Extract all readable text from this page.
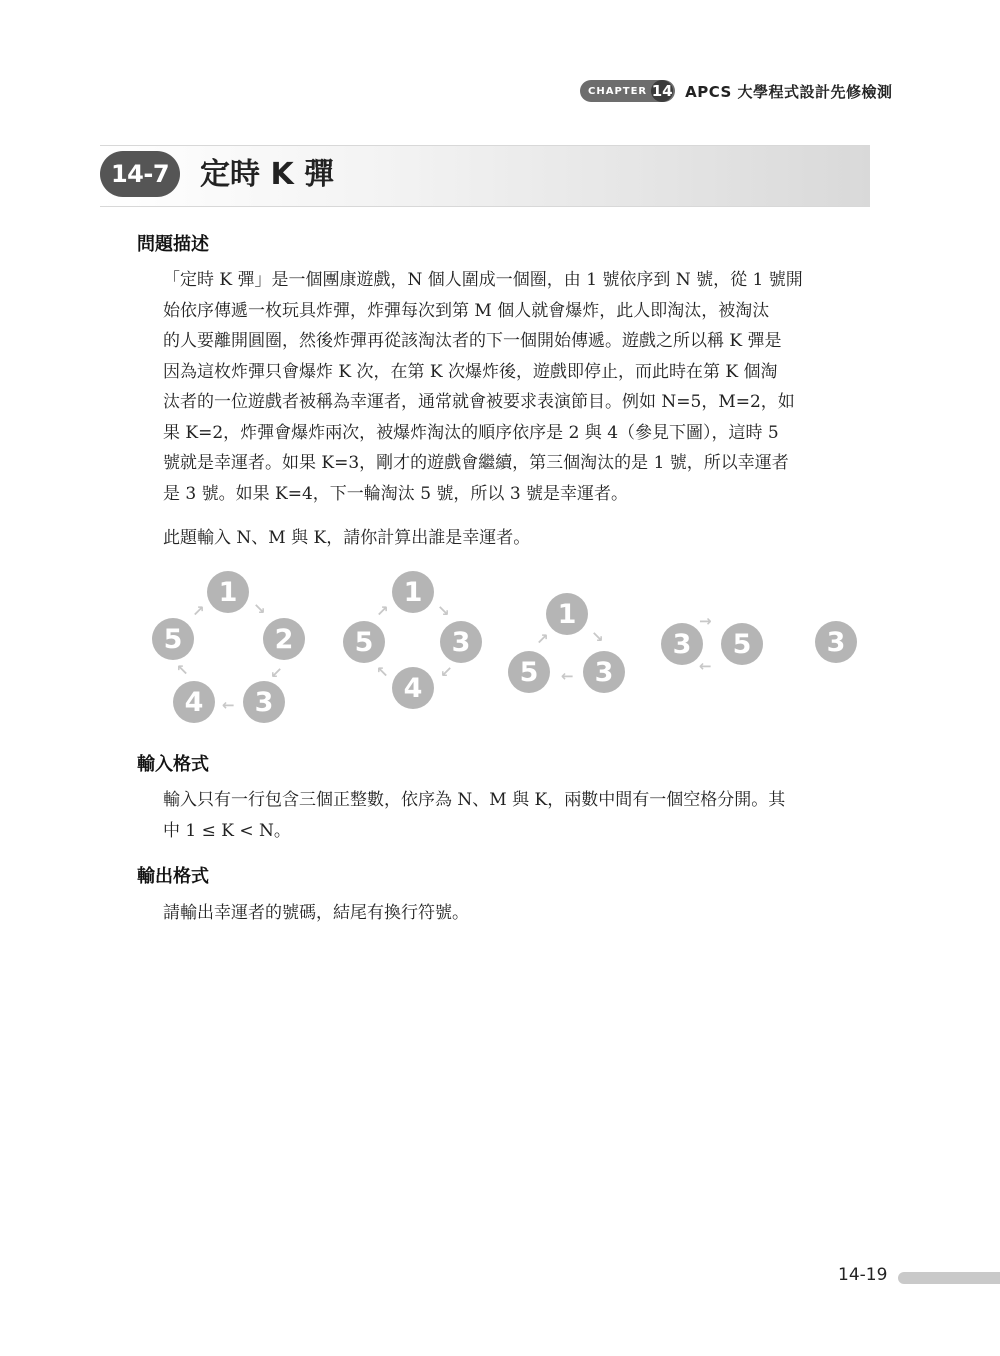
CHAPTER 14 APCS 大學程式設計先修檢測
14-7	定時 K 彈
問題描述
「定時 K 彈」是一個團康遊戲，N 個人圍成一個圈，由 1 號依序到 N 號，從 1 號開
始依序傳遞一枚玩具炸彈，炸彈每次到第 M 個人就會爆炸，此人即淘汰，被淘汰
的人要離開圓圈，然後炸彈再從該淘汰者的下一個開始傳遞。遊戲之所以稱 K 彈是
因為這枚炸彈只會爆炸 K 次，在第 K 次爆炸後，遊戲即停止，而此時在第 K 個淘
汰者的一位遊戲者被稱為幸運者，通常就會被要求表演節目。例如 N=5，M=2，如
果 K=2，炸彈會爆炸兩次，被爆炸淘汰的順序依序是 2 與 4（參見下圖），這時 5
號就是幸運者。如果 K=3，剛才的遊戲會繼續，第三個淘汰的是 1 號，所以幸運者
是 3 號。如果 K=4，下一輪淘汰 5 號，所以 3 號是幸運者。
此題輸入 N、M 與 K，請你計算出誰是幸運者。
1
2
3
4
5
↘
↙
←
↖
↗
1
3
4
5
↘
↙
↖
↗	1
3
5
↘
←
↗	3	5
→
←
3
輸入格式
輸入只有一行包含三個正整數，依序為 N、M 與 K，兩數中間有一個空格分開。其
中 1 ≤ K < N。
輸出格式
請輸出幸運者的號碼，結尾有換行符號。
14-19
